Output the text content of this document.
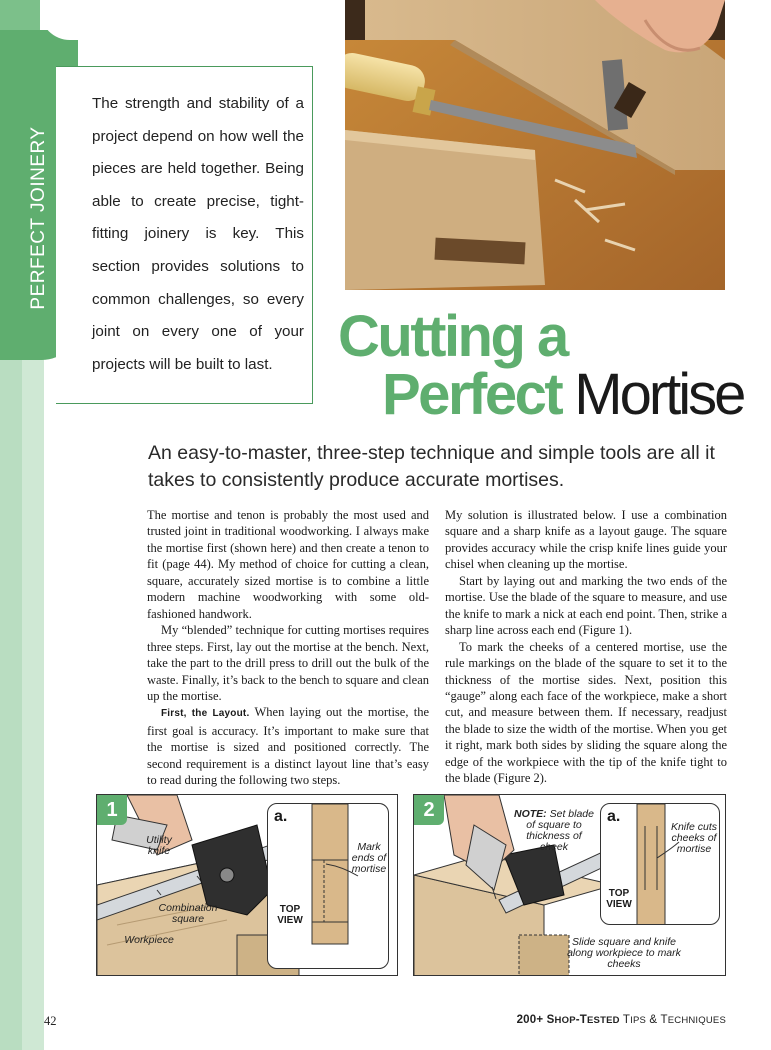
PERFECT JOINERY
The strength and stability of a project depend on how well the pieces are held together. Being able to create precise, tight-fitting joinery is key. This section provides solutions to common challenges, so every joint on every one of your projects will be built to last.	Cutting a
Perfect Mortise
An easy-to-master, three-step technique and simple tools are all it takes to consistently produce accurate mortises.

The mortise and tenon is probably the most used and trusted joint in traditional woodworking. I always make the mortise first (shown here) and then create a tenon to fit (page 44). My method of choice for cutting a clean, square, accurately sized mortise is to combine a little modern machine woodworking with some old-fashioned handwork.

My “blended” technique for cutting mortises requires three steps. First, lay out the mortise at the bench. Next, take the part to the drill press to drill out the bulk of the waste. Finally, it’s back to the bench to square and clean up the mortise.

First, the Layout. When laying out the mortise, the first goal is accuracy. It’s important to make sure that the mortise is sized and positioned correctly. The second requirement is a distinct layout line that’s easy to read during the following two steps.

My solution is illustrated below. I use a combination square and a sharp knife as a layout gauge. The square provides accuracy while the crisp knife lines guide your chisel when cleaning up the mortise.

Start by laying out and marking the two ends of the mortise. Use the blade of the square to measure, and use the knife to mark a nick at each end point. Then, strike a sharp line across each end (Figure 1).

To mark the cheeks of a centered mortise, use the rule markings on the blade of the square to set it to the thickness of the mortise sides. Next, position this “gauge” along each face of the workpiece, make a short cut, and measure between them. If necessary, readjust the blade to size the width of the mortise. When you get it right, mark both sides by sliding the square along the edge of the workpiece with the tip of the knife tight to the blade (Figure 2).

1
Utility knife
Combination square
Workpiece
a.
Mark ends of mortise
TOP VIEW
2	NOTE: Set blade of square to thickness of cheek
a.
Knife cuts cheeks of mortise
TOP VIEW
Slide square and knife along workpiece to mark cheeks
42	200+ SHOP-TESTED TIPS & TECHNIQUES
